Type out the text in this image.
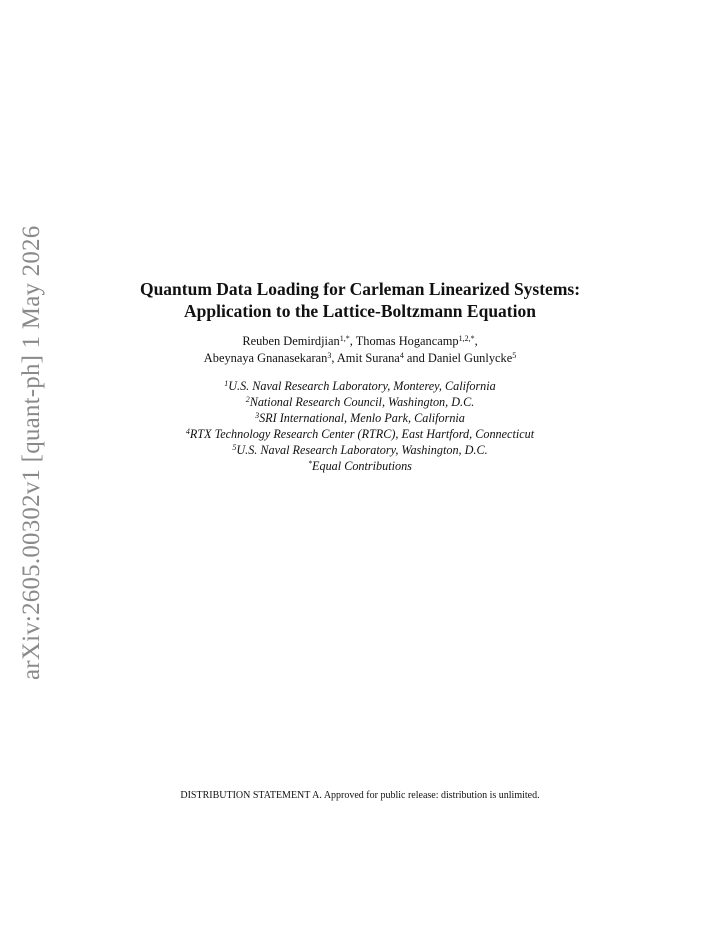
arXiv:2605.00302v1 [quant-ph] 1 May 2026	Quantum Data Loading for Carleman Linearized Systems:

Application to the Lattice-Boltzmann Equation

Reuben Demirdjian$^{1,*}$, Thomas Hogancamp$^{1,2,*}$,
Abeynaya Gnanasekaran$^3$, Amit Surana$^4$ and Daniel Gunlycke$^5$
$^1$U.S. Naval Research Laboratory, Monterey, California
$^2$National Research Council, Washington, D.C.
$^3$SRI International, Menlo Park, California
$^4$RTX Technology Research Center (RTRC), East Hartford, Connecticut
$^5$U.S. Naval Research Laboratory, Washington, D.C.
*Equal Contributions
DISTRIBUTION STATEMENT A. Approved for public release: distribution is unlimited.
